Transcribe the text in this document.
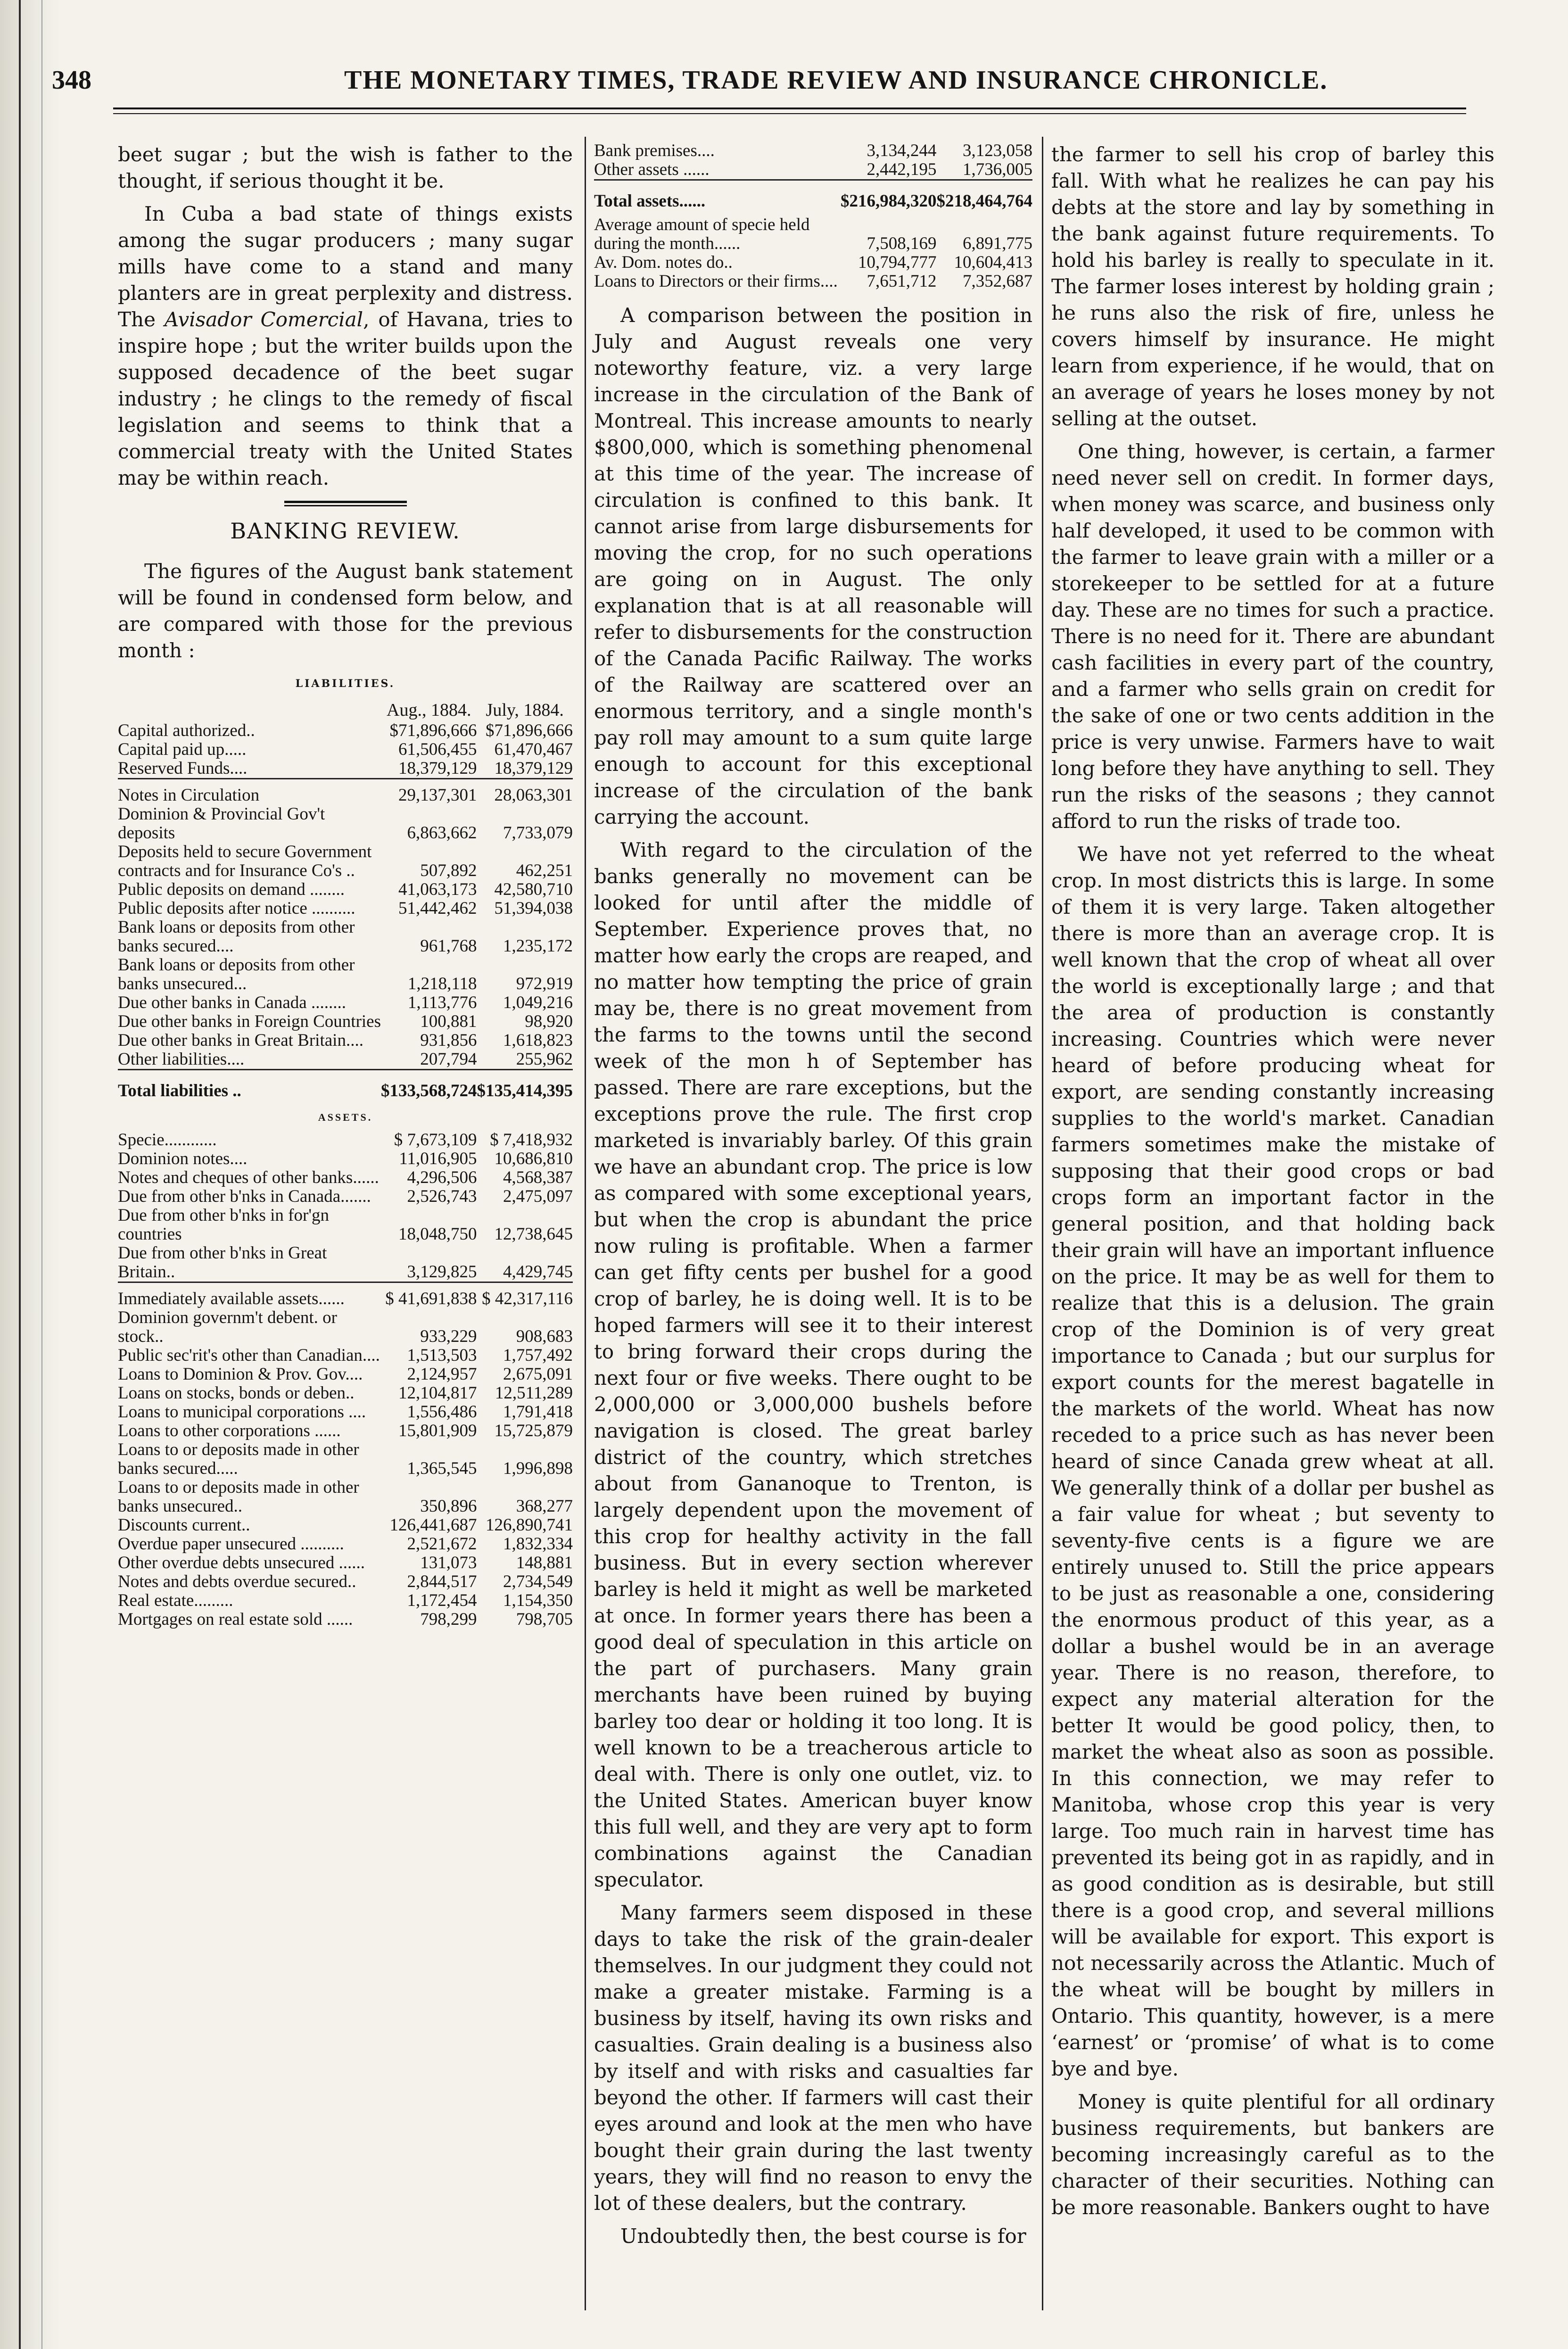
348	THE MONETARY TIMES, TRADE REVIEW AND INSURANCE CHRONICLE.

beet sugar ; but the wish is father to the thought, if serious thought it be.

In Cuba a bad state of things exists among the sugar producers ; many sugar mills have come to a stand and many planters are in great perplexity and distress. The Avisador Comercial, of Havana, tries to inspire hope ; but the writer builds upon the supposed decadence of the beet sugar industry ; he clings to the remedy of fiscal legislation and seems to think that a commercial treaty with the United States may be within reach.

BANKING REVIEW.

The figures of the August bank statement will be found in condensed form below, and are compared with those for the previous month :

LIABILITIES.
	Aug., 1884.	July, 1884.
Capital authorized..	$71,896,666	$71,896,666
Capital paid up.....	61,506,455	61,470,467
Reserved Funds....	18,379,129	18,379,129

Notes in Circulation	29,137,301	28,063,301
Dominion & Provincial Gov't deposits	6,863,662	7,733,079
Deposits held to secure Government contracts and for Insurance Co's ..	507,892	462,251
Public deposits on demand ........	41,063,173	42,580,710
Public deposits after notice ..........	51,442,462	51,394,038
Bank loans or deposits from other banks secured....	961,768	1,235,172
Bank loans or deposits from other banks unsecured...	1,218,118	972,919
Due other banks in Canada ........	1,113,776	1,049,216
Due other banks in Foreign Countries	100,881	98,920
Due other banks in Great Britain....	931,856	1,618,823
Other liabilities....	207,794	255,962

Total liabilities ..	$133,568,724	$135,414,395
ASSETS.		
Specie............	$ 7,673,109	$ 7,418,932
Dominion notes....	11,016,905	10,686,810
Notes and cheques of other banks......	4,296,506	4,568,387
Due from other b'nks in Canada.......	2,526,743	2,475,097
Due from other b'nks in for'gn countries	18,048,750	12,738,645
Due from other b'nks in Great Britain..	3,129,825	4,429,745

Immediately available assets......	$ 41,691,838	$ 42,317,116
Dominion governm't debent. or stock..	933,229	908,683
Public sec'rit's other than Canadian....	1,513,503	1,757,492
Loans to Dominion & Prov. Gov....	2,124,957	2,675,091
Loans on stocks, bonds or deben..	12,104,817	12,511,289
Loans to municipal corporations ....	1,556,486	1,791,418
Loans to other corporations ......	15,801,909	15,725,879
Loans to or deposits made in other banks secured.....	1,365,545	1,996,898
Loans to or deposits made in other banks unsecured..	350,896	368,277
Discounts current..	126,441,687	126,890,741
Overdue paper unsecured ..........	2,521,672	1,832,334
Other overdue debts unsecured ......	131,073	148,881
Notes and debts overdue secured..	2,844,517	2,734,549
Real estate.........	1,172,454	1,154,350
Mortgages on real estate sold ......	798,299	798,705
Bank premises....	3,134,244	3,123,058
Other assets ......	2,442,195	1,736,005

Total assets......	$216,984,320	$218,464,764
Average amount of specie held during the month......	7,508,169	6,891,775
Av. Dom. notes do..	10,794,777	10,604,413
Loans to Directors or their firms....	7,651,712	7,352,687

A comparison between the position in July and August reveals one very noteworthy feature, viz. a very large increase in the circulation of the Bank of Montreal. This increase amounts to nearly $800,000, which is something phenomenal at this time of the year. The increase of circulation is confined to this bank. It cannot arise from large disbursements for moving the crop, for no such operations are going on in August. The only explanation that is at all reasonable will refer to disbursements for the construction of the Canada Pacific Railway. The works of the Railway are scattered over an enormous territory, and a single month's pay roll may amount to a sum quite large enough to account for this exceptional increase of the circulation of the bank carrying the account.

With regard to the circulation of the banks generally no movement can be looked for until after the middle of September. Experience proves that, no matter how early the crops are reaped, and no matter how tempting the price of grain may be, there is no great movement from the farms to the towns until the second week of the mon h of September has passed. There are rare exceptions, but the exceptions prove the rule. The first crop marketed is invariably barley. Of this grain we have an abundant crop. The price is low as compared with some exceptional years, but when the crop is abundant the price now ruling is profitable. When a farmer can get fifty cents per bushel for a good crop of barley, he is doing well. It is to be hoped farmers will see it to their interest to bring forward their crops during the next four or five weeks. There ought to be 2,000,000 or 3,000,000 bushels before navigation is closed. The great barley district of the country, which stretches about from Gananoque to Trenton, is largely dependent upon the movement of this crop for healthy activity in the fall business. But in every section wherever barley is held it might as well be marketed at once. In former years there has been a good deal of speculation in this article on the part of purchasers. Many grain merchants have been ruined by buying barley too dear or holding it too long. It is well known to be a treacherous article to deal with. There is only one outlet, viz. to the United States. American buyer know this full well, and they are very apt to form combinations against the Canadian speculator.

Many farmers seem disposed in these days to take the risk of the grain-dealer themselves. In our judgment they could not make a greater mistake. Farming is a business by itself, having its own risks and casualties. Grain dealing is a business also by itself and with risks and casualties far beyond the other. If farmers will cast their eyes around and look at the men who have bought their grain during the last twenty years, they will find no reason to envy the lot of these dealers, but the contrary.

Undoubtedly then, the best course is for

the farmer to sell his crop of barley this fall. With what he realizes he can pay his debts at the store and lay by something in the bank against future requirements. To hold his barley is really to speculate in it. The farmer loses interest by holding grain ; he runs also the risk of fire, unless he covers himself by insurance. He might learn from experience, if he would, that on an average of years he loses money by not selling at the outset.

One thing, however, is certain, a farmer need never sell on credit. In former days, when money was scarce, and business only half developed, it used to be common with the farmer to leave grain with a miller or a storekeeper to be settled for at a future day. These are no times for such a practice. There is no need for it. There are abundant cash facilities in every part of the country, and a farmer who sells grain on credit for the sake of one or two cents addition in the price is very unwise. Farmers have to wait long before they have anything to sell. They run the risks of the seasons ; they cannot afford to run the risks of trade too.

We have not yet referred to the wheat crop. In most districts this is large. In some of them it is very large. Taken altogether there is more than an average crop. It is well known that the crop of wheat all over the world is exceptionally large ; and that the area of production is constantly increasing. Countries which were never heard of before producing wheat for export, are sending constantly increasing supplies to the world's market. Canadian farmers sometimes make the mistake of supposing that their good crops or bad crops form an important factor in the general position, and that holding back their grain will have an important influence on the price. It may be as well for them to realize that this is a delusion. The grain crop of the Dominion is of very great importance to Canada ; but our surplus for export counts for the merest bagatelle in the markets of the world. Wheat has now receded to a price such as has never been heard of since Canada grew wheat at all. We generally think of a dollar per bushel as a fair value for wheat ; but seventy to seventy-five cents is a figure we are entirely unused to. Still the price appears to be just as reasonable a one, considering the enormous product of this year, as a dollar a bushel would be in an average year. There is no reason, therefore, to expect any material alteration for the better It would be good policy, then, to market the wheat also as soon as possible. In this connection, we may refer to Manitoba, whose crop this year is very large. Too much rain in harvest time has prevented its being got in as rapidly, and in as good condition as is desirable, but still there is a good crop, and several millions will be available for export. This export is not necessarily across the Atlantic. Much of the wheat will be bought by millers in Ontario. This quantity, however, is a mere ‘earnest’ or ‘promise’ of what is to come bye and bye.

Money is quite plentiful for all ordinary business requirements, but bankers are becoming increasingly careful as to the character of their securities. Nothing can be more reasonable. Bankers ought to have
